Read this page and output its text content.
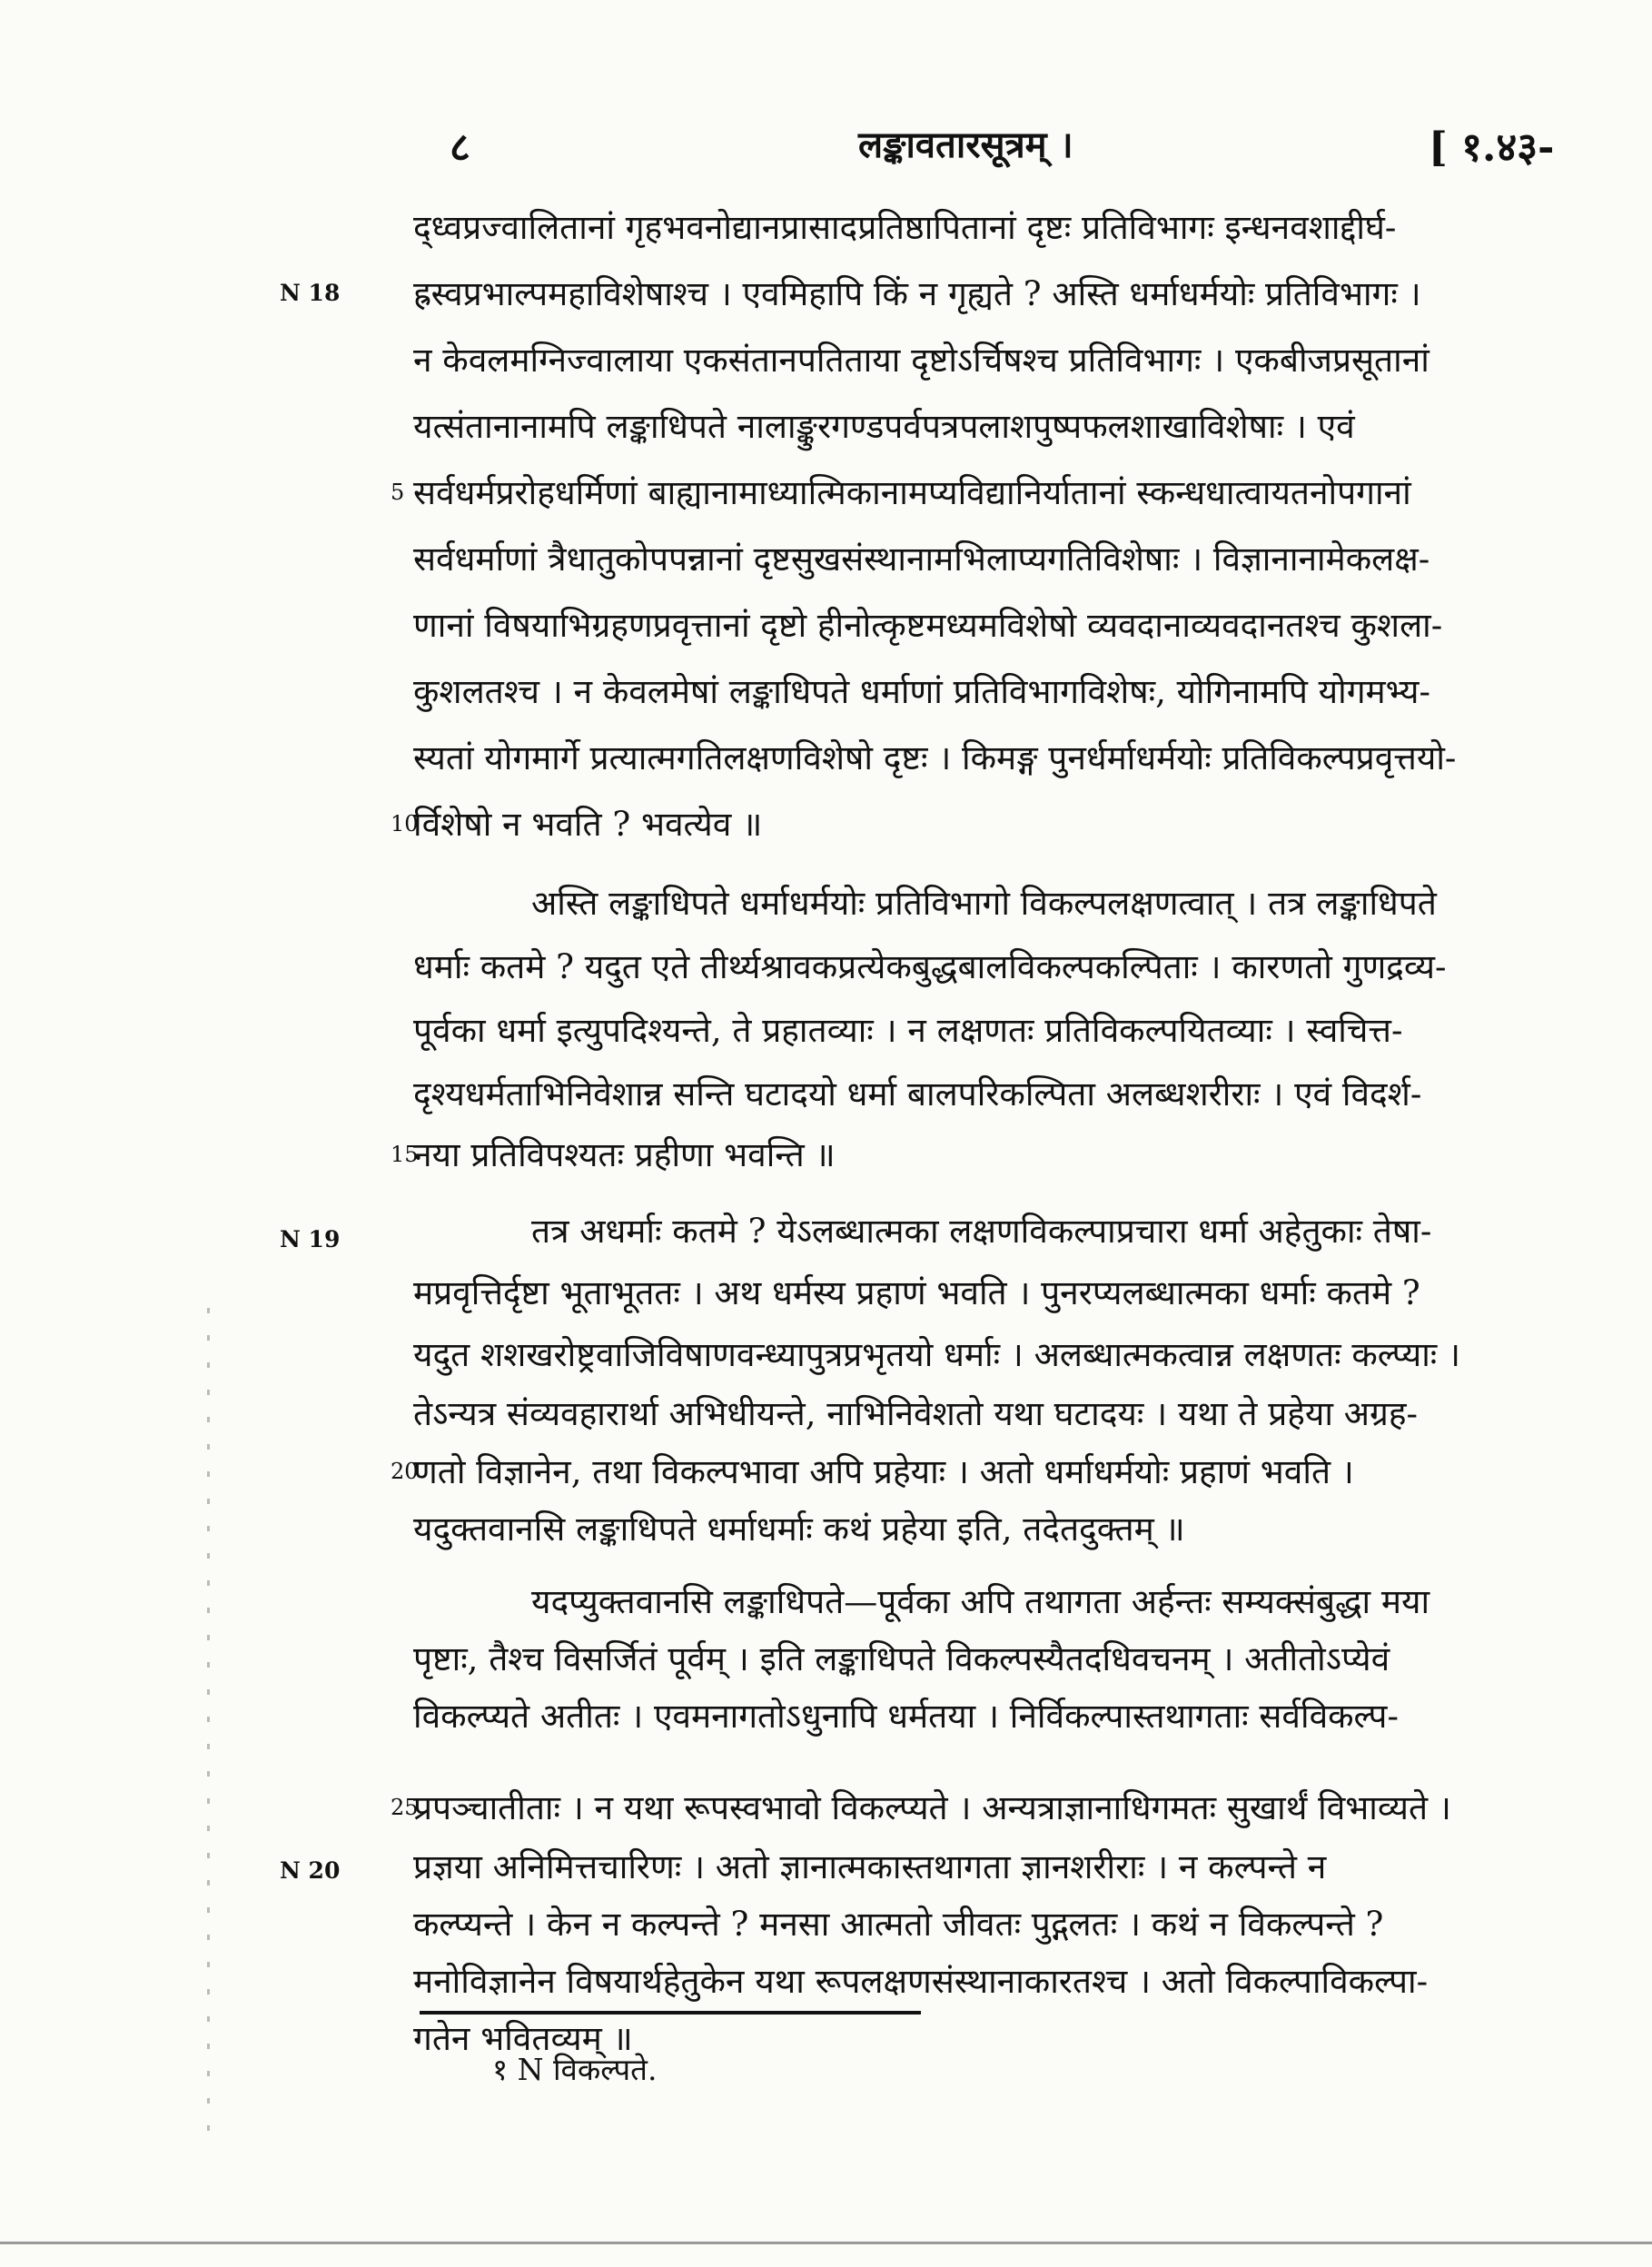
८	लङ्कावतारसूत्रम् ।	[ १.४३-
N 18
N 19
N 20
5
10
15
20
25
द्ध्वप्रज्वालितानां गृहभवनोद्यानप्रासादप्रतिष्ठापितानां दृष्टः प्रतिविभागः इन्धनवशाद्दीर्घ-
ह्रस्वप्रभाल्पमहाविशेषाश्च । एवमिहापि किं न गृह्यते ? अस्ति धर्माधर्मयोः प्रतिविभागः ।
न केवलमग्निज्वालाया एकसंतानपतिताया दृष्टोऽर्चिषश्च प्रतिविभागः । एकबीजप्रसूतानां
यत्संतानानामपि लङ्काधिपते नालाङ्कुरगण्डपर्वपत्रपलाशपुष्पफलशाखाविशेषाः । एवं
सर्वधर्मप्ररोहधर्मिणां बाह्यानामाध्यात्मिकानामप्यविद्यानिर्यातानां स्कन्धधात्वायतनोपगानां
सर्वधर्माणां त्रैधातुकोपपन्नानां दृष्टसुखसंस्थानामभिलाप्यगतिविशेषाः । विज्ञानानामेकलक्ष-
णानां विषयाभिग्रहणप्रवृत्तानां दृष्टो हीनोत्कृष्टमध्यमविशेषो व्यवदानाव्यवदानतश्च कुशला-
कुशलतश्च । न केवलमेषां लङ्काधिपते धर्माणां प्रतिविभागविशेषः, योगिनामपि योगमभ्य-
स्यतां योगमार्गे प्रत्यात्मगतिलक्षणविशेषो दृष्टः । किमङ्ग पुनर्धर्माधर्मयोः प्रतिविकल्पप्रवृत्तयो-
र्विशेषो न भवति ? भवत्येव ॥
अस्ति लङ्काधिपते धर्माधर्मयोः प्रतिविभागो विकल्पलक्षणत्वात् । तत्र लङ्काधिपते
धर्माः कतमे ? यदुत एते तीर्थ्यश्रावकप्रत्येकबुद्धबालविकल्पकल्पिताः । कारणतो गुणद्रव्य-
पूर्वका धर्मा इत्युपदिश्यन्ते, ते प्रहातव्याः । न लक्षणतः प्रतिविकल्पयितव्याः । स्वचित्त-
दृश्यधर्मताभिनिवेशान्न सन्ति घटादयो धर्मा बालपरिकल्पिता अलब्धशरीराः । एवं विदर्श-
नया प्रतिविपश्यतः प्रहीणा भवन्ति ॥
तत्र अधर्माः कतमे ? येऽलब्धात्मका लक्षणविकल्पाप्रचारा धर्मा अहेतुकाः तेषा-
मप्रवृत्तिर्दृष्टा भूताभूततः । अथ धर्मस्य प्रहाणं भवति । पुनरप्यलब्धात्मका धर्माः कतमे ?
यदुत शशखरोष्ट्रवाजिविषाणवन्ध्यापुत्रप्रभृतयो धर्माः । अलब्धात्मकत्वान्न लक्षणतः कल्प्याः ।
तेऽन्यत्र संव्यवहारार्था अभिधीयन्ते, नाभिनिवेशतो यथा घटादयः । यथा ते प्रहेया अग्रह-
णतो विज्ञानेन, तथा विकल्पभावा अपि प्रहेयाः । अतो धर्माधर्मयोः प्रहाणं भवति ।
यदुक्तवानसि लङ्काधिपते धर्माधर्माः कथं प्रहेया इति, तदेतदुक्तम् ॥
यदप्युक्तवानसि लङ्काधिपते—पूर्वका अपि तथागता अर्हन्तः सम्यक्संबुद्धा मया
पृष्टाः, तैश्च विसर्जितं पूर्वम् । इति लङ्काधिपते विकल्पस्यैतदधिवचनम् । अतीतोऽप्येवं
विकल्प्यते अतीतः । एवमनागतोऽधुनापि धर्मतया । निर्विकल्पास्तथागताः सर्वविकल्प-
प्रपञ्चातीताः । न यथा रूपस्वभावो विकल्प्यते । अन्यत्राज्ञानाधिगमतः सुखार्थं विभाव्यते ।
प्रज्ञया अनिमित्तचारिणः । अतो ज्ञानात्मकास्तथागता ज्ञानशरीराः । न कल्पन्ते न
कल्प्यन्ते । केन न कल्पन्ते ? मनसा आत्मतो जीवतः पुद्गलतः । कथं न विकल्पन्ते ?
मनोविज्ञानेन विषयार्थहेतुकेन यथा रूपलक्षणसंस्थानाकारतश्च । अतो विकल्पाविकल्पा-
गतेन भवितव्यम् ॥
१ N विकल्पते.
